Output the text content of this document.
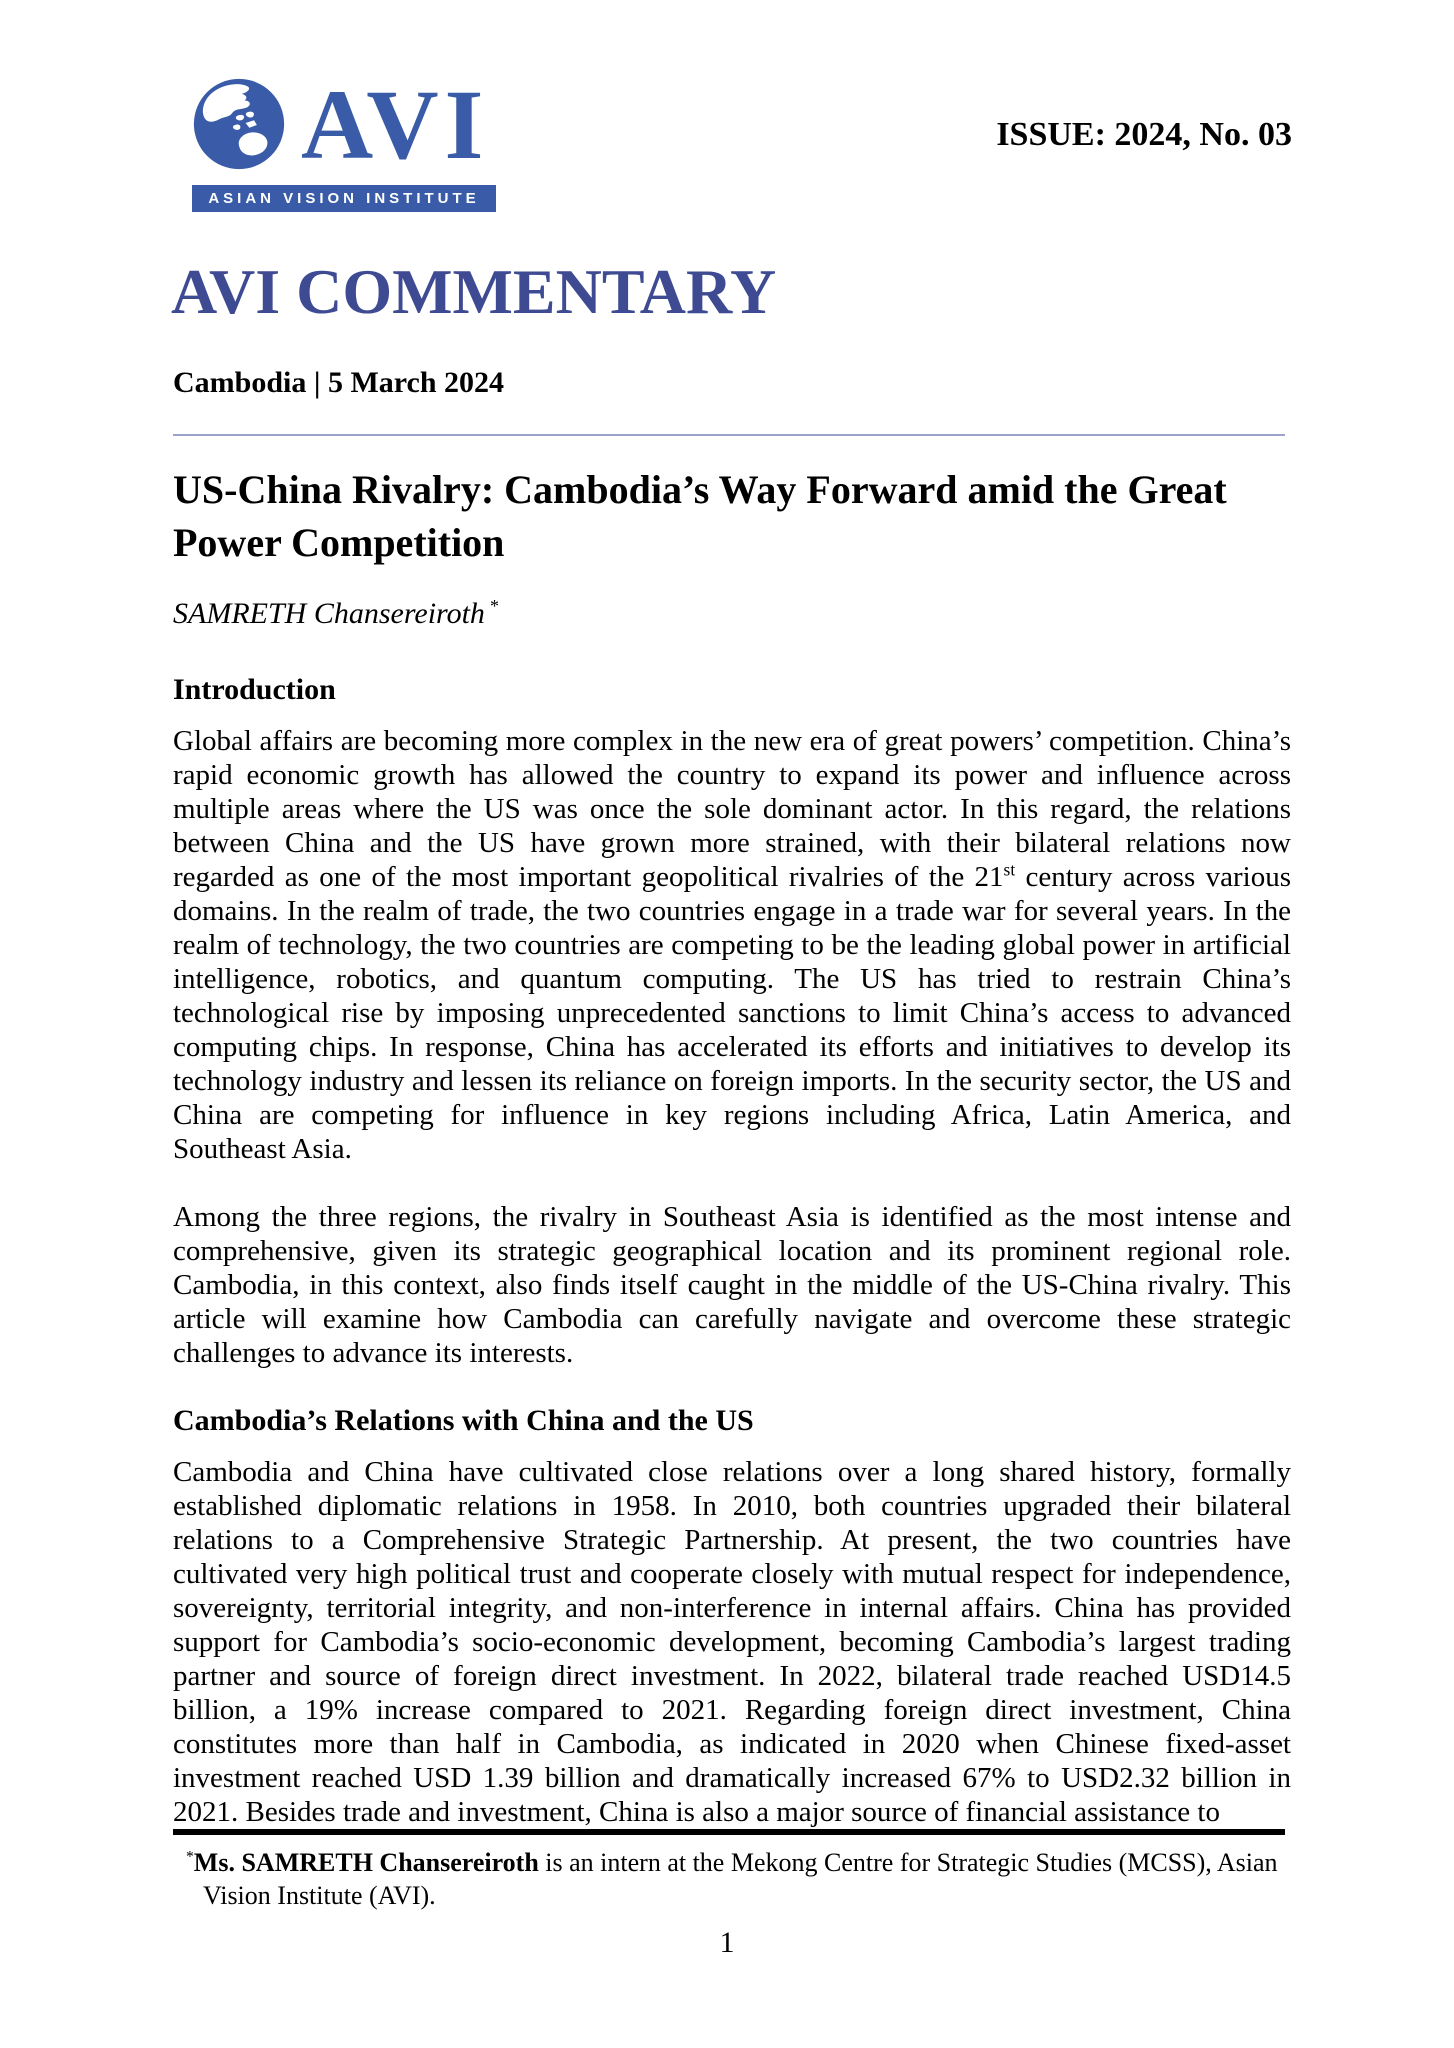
AVI
ASIAN VISION INSTITUTE
ISSUE: 2024, No. 03
AVI COMMENTARY
Cambodia | 5 March 2024
US-China Rivalry: Cambodia’s Way Forward amid the Great Power Competition

SAMRETH Chansereiroth *

Introduction

Global affairs are becoming more complex in the new era of great powers’ competition. China’s rapid economic growth has allowed the country to expand its power and influence across multiple areas where the US was once the sole dominant actor. In this regard, the relations between China and the US have grown more strained, with their bilateral relations now regarded as one of the most important geopolitical rivalries of the 21st century across various domains. In the realm of trade, the two countries engage in a trade war for several years. In the realm of technology, the two countries are competing to be the leading global power in artificial intelligence, robotics, and quantum computing. The US has tried to restrain China’s technological rise by imposing unprecedented sanctions to limit China’s access to advanced computing chips. In response, China has accelerated its efforts and initiatives to develop its technology industry and lessen its reliance on foreign imports. In the security sector, the US and China are competing for influence in key regions including Africa, Latin America, and Southeast Asia.

Among the three regions, the rivalry in Southeast Asia is identified as the most intense and comprehensive, given its strategic geographical location and its prominent regional role. Cambodia, in this context, also finds itself caught in the middle of the US-China rivalry. This article will examine how Cambodia can carefully navigate and overcome these strategic challenges to advance its interests.

Cambodia’s Relations with China and the US

Cambodia and China have cultivated close relations over a long shared history, formally established diplomatic relations in 1958. In 2010, both countries upgraded their bilateral relations to a Comprehensive Strategic Partnership. At present, the two countries have cultivated very high political trust and cooperate closely with mutual respect for independence, sovereignty, territorial integrity, and non-interference in internal affairs. China has provided support for Cambodia’s socio-economic development, becoming Cambodia’s largest trading partner and source of foreign direct investment. In 2022, bilateral trade reached USD14.5 billion, a 19% increase compared to 2021. Regarding foreign direct investment, China constitutes more than half in Cambodia, as indicated in 2020 when Chinese fixed-asset investment reached USD 1.39 billion and dramatically increased 67% to USD2.32 billion in 2021. Besides trade and investment, China is also a major source of financial assistance to

*Ms. SAMRETH Chansereiroth is an intern at the Mekong Centre for Strategic Studies (MCSS), Asian Vision Institute (AVI).

1
